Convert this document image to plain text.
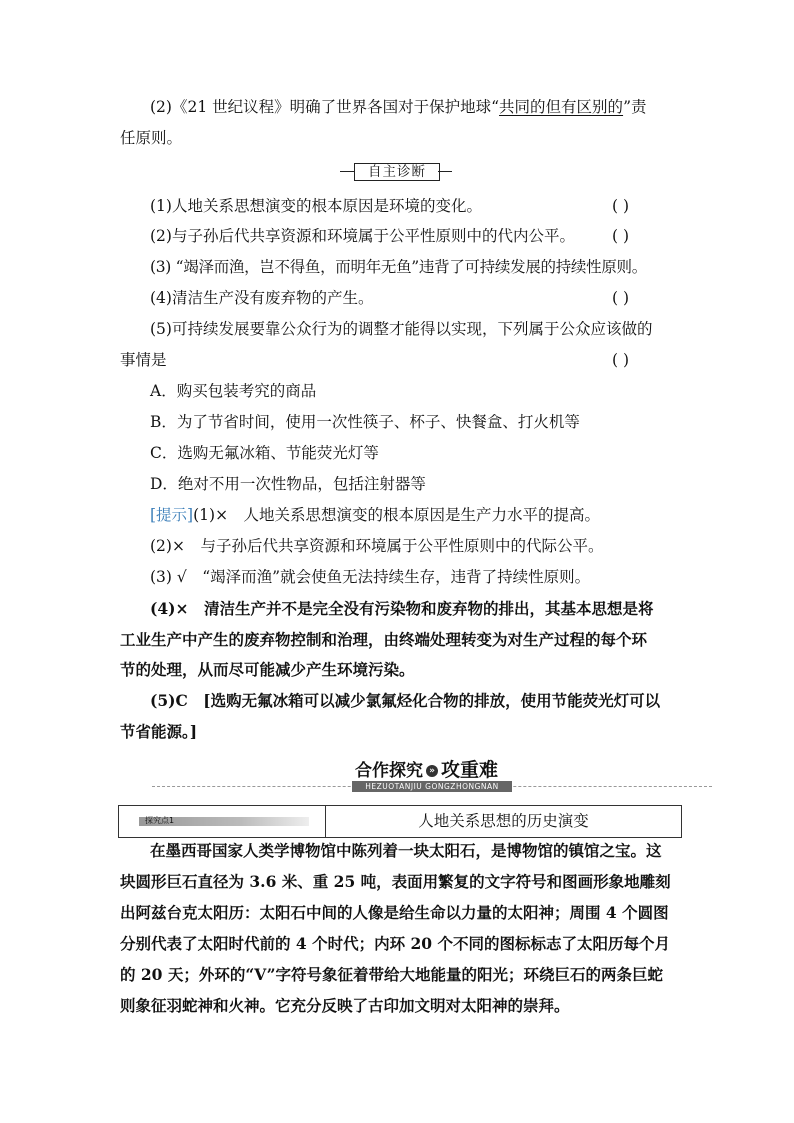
(2)《21 世纪议程》明确了世界各国对于保护地球“共同的但有区别的”责
任原则。
自主诊断
(1)人地关系思想演变的根本原因是环境的变化。	( )
(2)与子孙后代共享资源和环境属于公平性原则中的代内公平。 ( )
(3) “竭泽而渔，岂不得鱼，而明年无鱼”违背了可持续发展的持续性原则。
(4)清洁生产没有废弃物的产生。	( )
(5)可持续发展要靠公众行为的调整才能得以实现，下列属于公众应该做的
事情是	( )
A．购买包装考究的商品
B．为了节省时间，使用一次性筷子、杯子、快餐盒、打火机等
C．选购无氟冰箱、节能荧光灯等
D．绝对不用一次性物品，包括注射器等
[提示](1)×　人地关系思想演变的根本原因是生产力水平的提高。
(2)×　与子孙后代共享资源和环境属于公平性原则中的代际公平。
(3) √　“竭泽而渔”就会使鱼无法持续生存，违背了持续性原则。
(4)×　清洁生产并不是完全没有污染物和废弃物的排出，其基本思想是将
工业生产中产生的废弃物控制和治理，由终端处理转变为对生产过程的每个环
节的处理，从而尽可能减少产生环境污染。
(5)C　[选购无氟冰箱可以减少氯氟烃化合物的排放，使用节能荧光灯可以
节省能源。]
合作探究 » 攻重难
HEZUOTANJIU GONGZHONGNAN
探究点1	人地关系思想的历史演变
在墨西哥国家人类学博物馆中陈列着一块太阳石，是博物馆的镇馆之宝。这
块圆形巨石直径为 3.6 米、重 25 吨，表面用繁复的文字符号和图画形象地雕刻
出阿兹台克太阳历：太阳石中间的人像是给生命以力量的太阳神；周围 4 个圆图
分别代表了太阳时代前的 4 个时代；内环 20 个不同的图标标志了太阳历每个月
的 20 天；外环的“V”字符号象征着带给大地能量的阳光；环绕巨石的两条巨蛇
则象征羽蛇神和火神。它充分反映了古印加文明对太阳神的崇拜。
